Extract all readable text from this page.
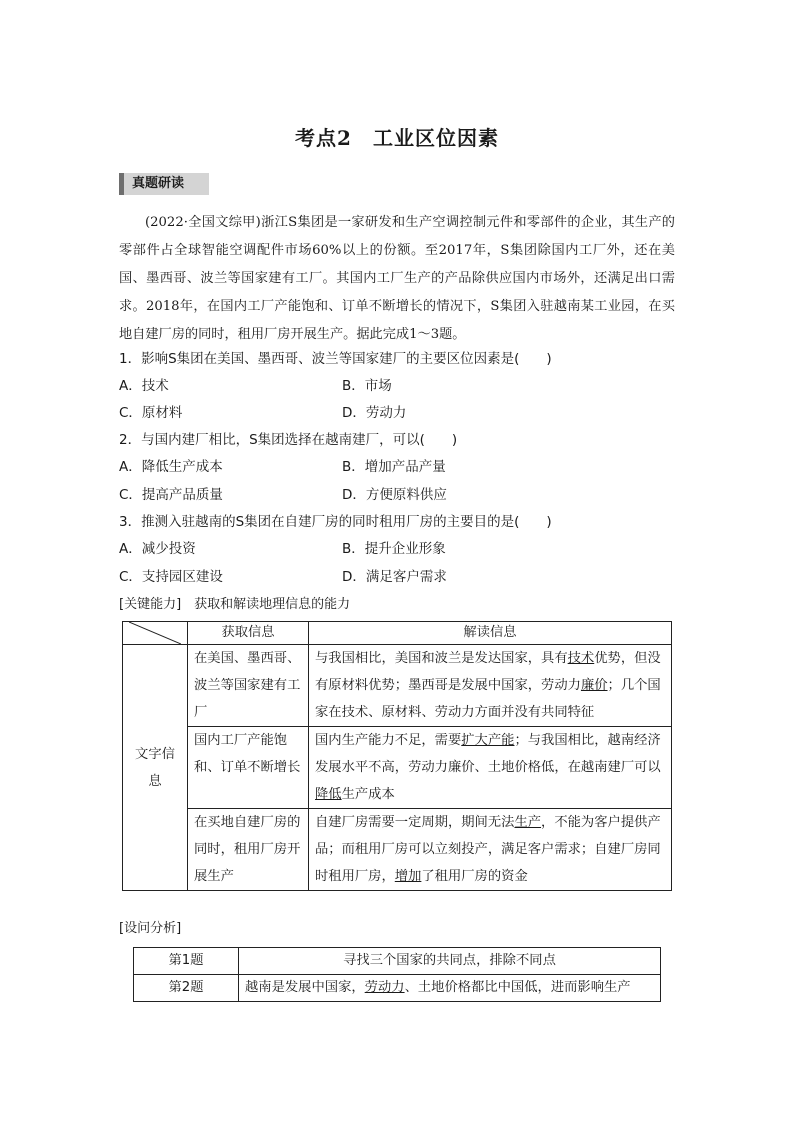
考点2　工业区位因素
真题研读

(2022·全国文综甲)浙江S集团是一家研发和生产空调控制元件和零部件的企业，其生产的零部件占全球智能空调配件市场60%以上的份额。至2017年，S集团除国内工厂外，还在美国、墨西哥、波兰等国家建有工厂。其国内工厂生产的产品除供应国内市场外，还满足出口需求。2018年，在国内工厂产能饱和、订单不断增长的情况下，S集团入驻越南某工业园，在买地自建厂房的同时，租用厂房开展生产。据此完成1～3题。

1．影响S集团在美国、墨西哥、波兰等国家建厂的主要区位因素是(　　)
A．技术	B．市场
C．原材料	D．劳动力
2．与国内建厂相比，S集团选择在越南建厂，可以(　　)
A．降低生产成本	B．增加产品产量
C．提高产品质量	D．方便原料供应
3．推测入驻越南的S集团在自建厂房的同时租用厂房的主要目的是(　　)
A．减少投资	B．提升企业形象
C．支持园区建设	D．满足客户需求
[关键能力]　获取和解读地理信息的能力
	获取信息	解读信息
文字信息	在美国、墨西哥、波兰等国家建有工厂	与我国相比，美国和波兰是发达国家，具有技术优势，但没有原材料优势；墨西哥是发展中国家，劳动力廉价；几个国家在技术、原材料、劳动力方面并没有共同特征
	国内工厂产能饱和、订单不断增长	国内生产能力不足，需要扩大产能；与我国相比，越南经济发展水平不高，劳动力廉价、土地价格低，在越南建厂可以降低生产成本
	在买地自建厂房的同时，租用厂房开展生产	自建厂房需要一定周期，期间无法生产，不能为客户提供产品；而租用厂房可以立刻投产，满足客户需求；自建厂房同时租用厂房，增加了租用厂房的资金
[设问分析]
第1题	寻找三个国家的共同点，排除不同点
第2题	越南是发展中国家，劳动力、土地价格都比中国低，进而影响生产
